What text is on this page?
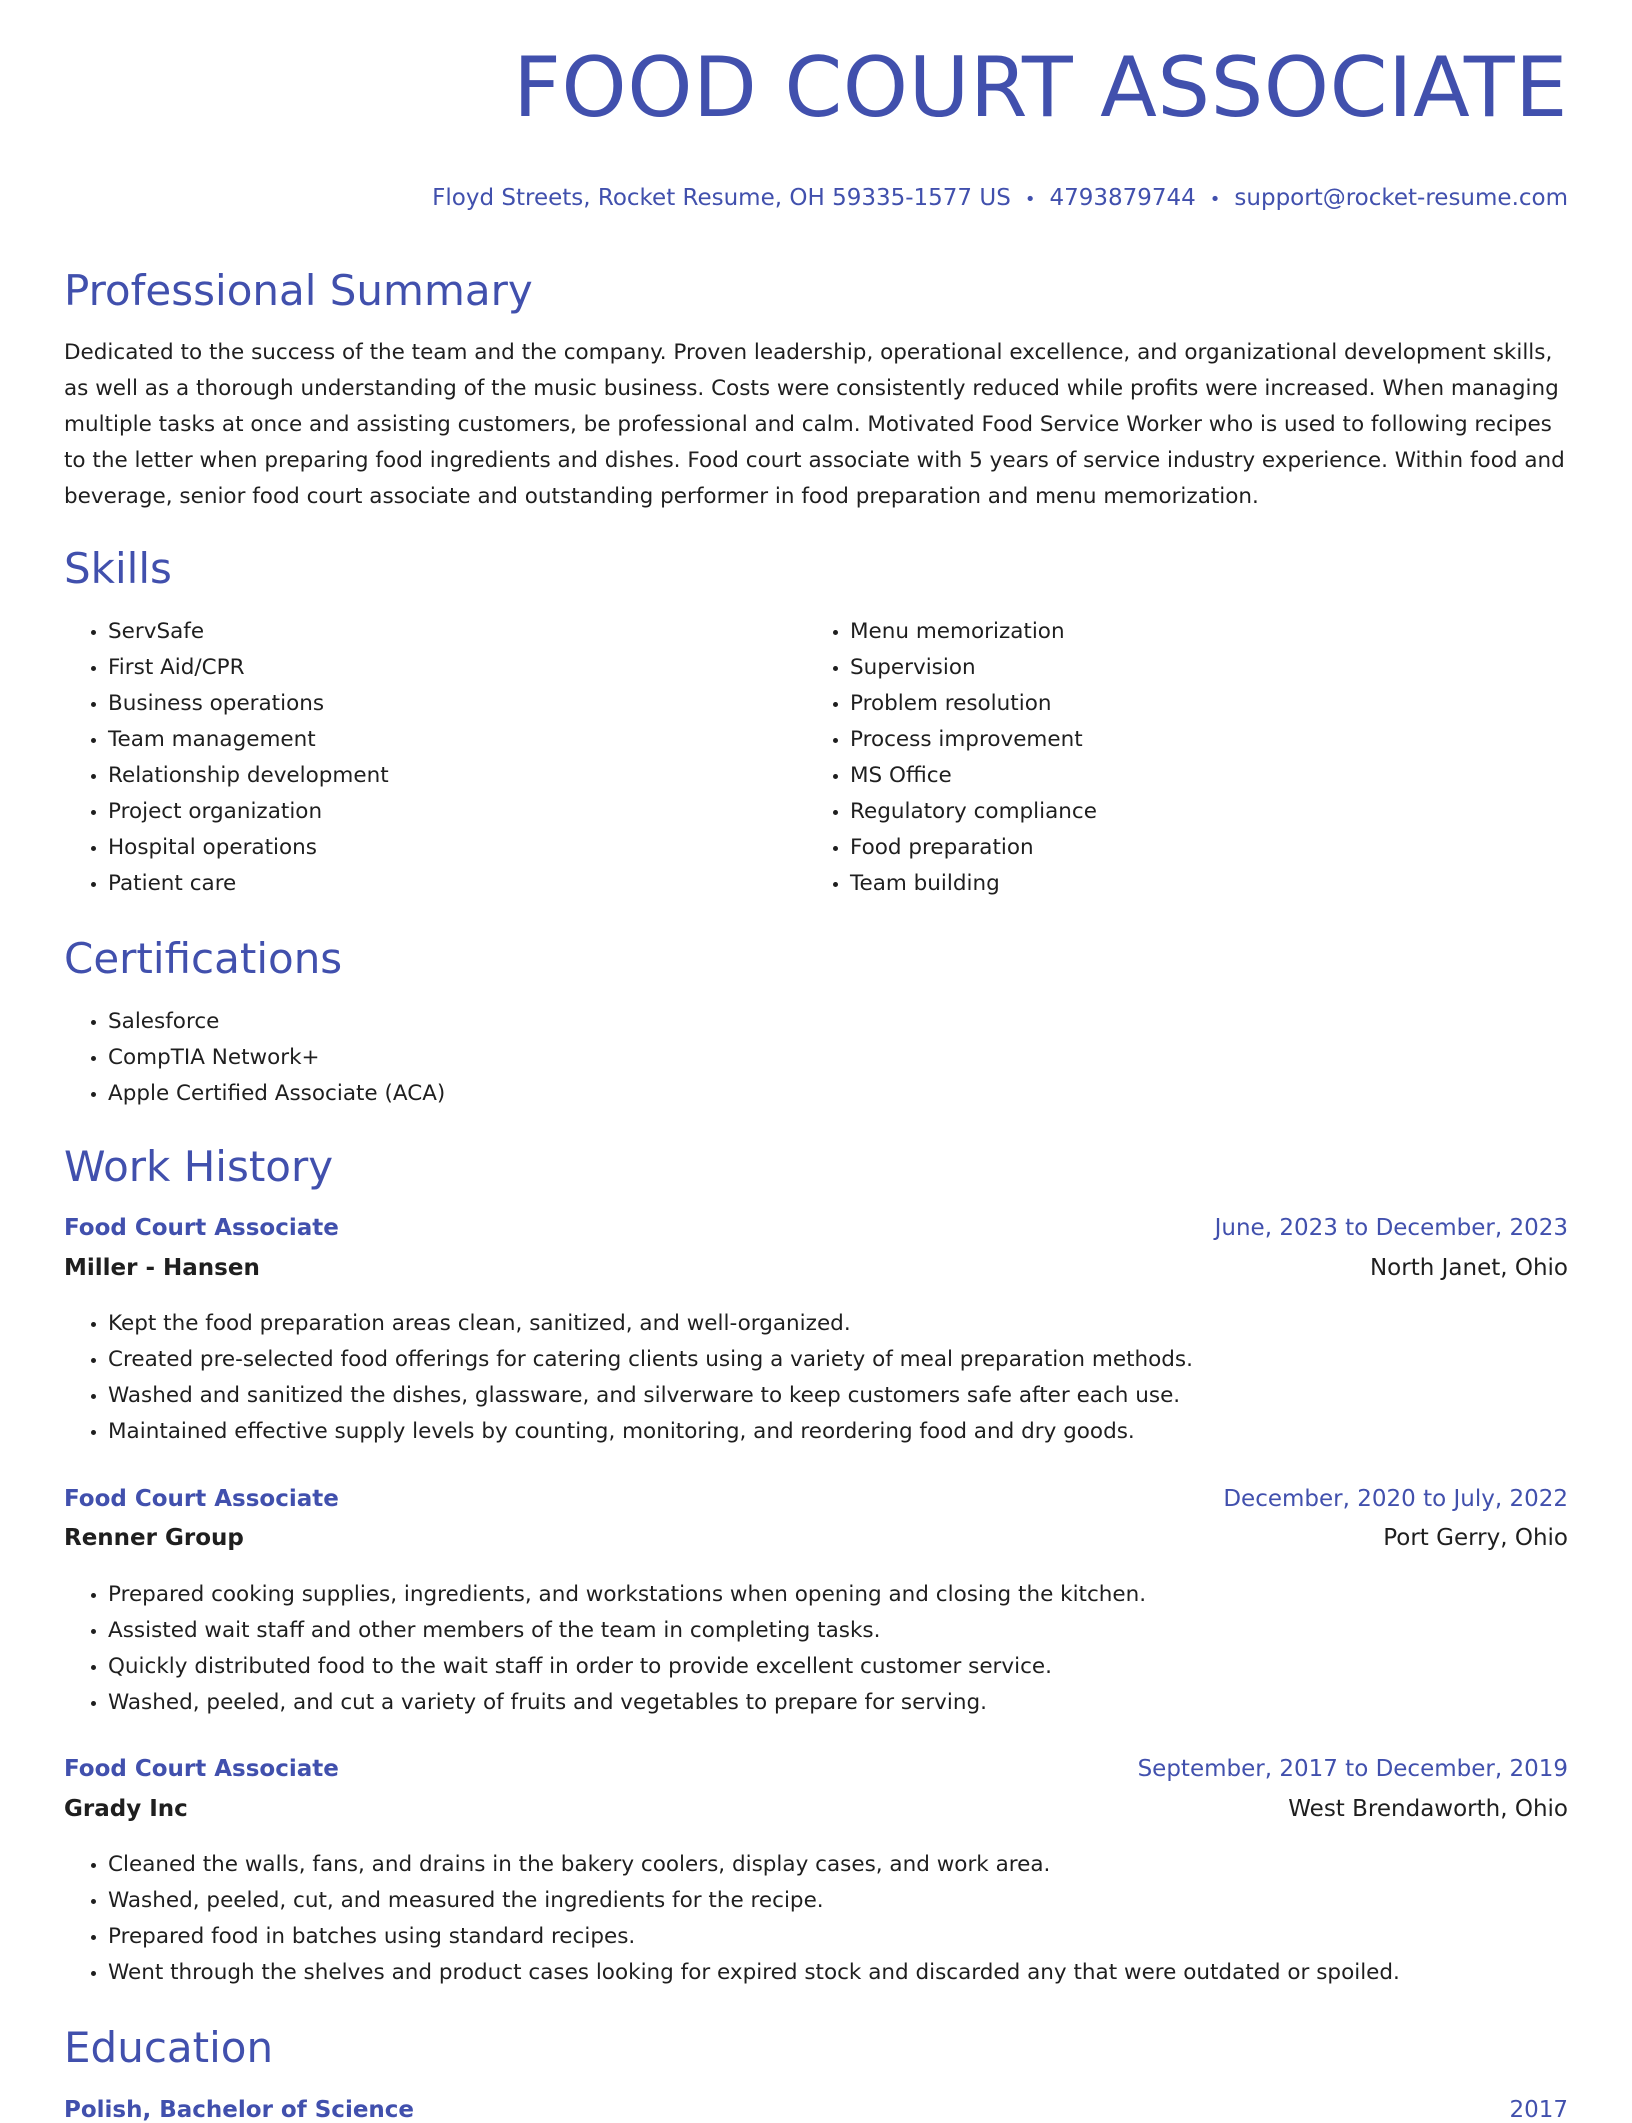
FOOD COURT ASSOCIATE
Floyd Streets, Rocket Resume, OH 59335-1577 US • 4793879744 • support@rocket-resume.com
Professional Summary

Dedicated to the success of the team and the company. Proven leadership, operational excellence, and organizational development skills, as well as a thorough understanding of the music business. Costs were consistently reduced while profits were increased. When managing multiple tasks at once and assisting customers, be professional and calm. Motivated Food Service Worker who is used to following recipes to the letter when preparing food ingredients and dishes. Food court associate with 5 years of service industry experience. Within food and beverage, senior food court associate and outstanding performer in food preparation and menu memorization.

Skills
• ServSafe
• First Aid/CPR
• Business operations
• Team management
• Relationship development
• Project organization
• Hospital operations
• Patient care
• Menu memorization
• Supervision
• Problem resolution
• Process improvement
• MS Office
• Regulatory compliance
• Food preparation
• Team building
Certifications
• Salesforce
• CompTIA Network+
• Apple Certified Associate (ACA)
Work History
Food Court Associate	June, 2023 to December, 2023
Miller - Hansen	North Janet, Ohio
• Kept the food preparation areas clean, sanitized, and well-organized.
• Created pre-selected food offerings for catering clients using a variety of meal preparation methods.
• Washed and sanitized the dishes, glassware, and silverware to keep customers safe after each use.
• Maintained effective supply levels by counting, monitoring, and reordering food and dry goods.
Food Court Associate	December, 2020 to July, 2022
Renner Group	Port Gerry, Ohio
• Prepared cooking supplies, ingredients, and workstations when opening and closing the kitchen.
• Assisted wait staff and other members of the team in completing tasks.
• Quickly distributed food to the wait staff in order to provide excellent customer service.
• Washed, peeled, and cut a variety of fruits and vegetables to prepare for serving.
Food Court Associate	September, 2017 to December, 2019
Grady Inc	West Brendaworth, Ohio
• Cleaned the walls, fans, and drains in the bakery coolers, display cases, and work area.
• Washed, peeled, cut, and measured the ingredients for the recipe.
• Prepared food in batches using standard recipes.
• Went through the shelves and product cases looking for expired stock and discarded any that were outdated or spoiled.
Education
Polish, Bachelor of Science	2017
